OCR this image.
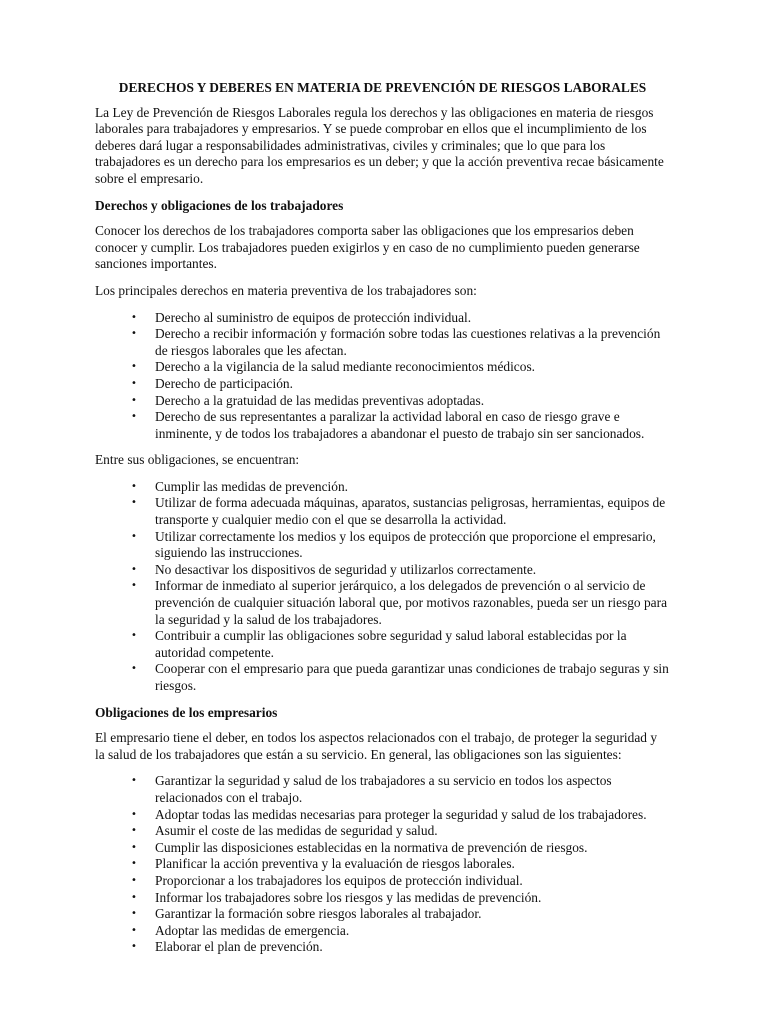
DERECHOS Y DEBERES EN MATERIA DE PREVENCIÓN DE RIESGOS LABORALES

La Ley de Prevención de Riesgos Laborales regula los derechos y las obligaciones en materia de riesgos laborales para trabajadores y empresarios. Y se puede comprobar en ellos que el incumplimiento de los deberes dará lugar a responsabilidades administrativas, civiles y criminales; que lo que para los trabajadores es un derecho para los empresarios es un deber; y que la acción preventiva recae básicamente sobre el empresario.

Derechos y obligaciones de los trabajadores

Conocer los derechos de los trabajadores comporta saber las obligaciones que los empresarios deben conocer y cumplir. Los trabajadores pueden exigirlos y en caso de no cumplimiento pueden generarse sanciones importantes.

Los principales derechos en materia preventiva de los trabajadores son:

• Derecho al suministro de equipos de protección individual.
• Derecho a recibir información y formación sobre todas las cuestiones relativas a la prevención de riesgos laborales que les afectan.
• Derecho a la vigilancia de la salud mediante reconocimientos médicos.
• Derecho de participación.
• Derecho a la gratuidad de las medidas preventivas adoptadas.
• Derecho de sus representantes a paralizar la actividad laboral en caso de riesgo grave e inminente, y de todos los trabajadores a abandonar el puesto de trabajo sin ser sancionados.

Entre sus obligaciones, se encuentran:

• Cumplir las medidas de prevención.
• Utilizar de forma adecuada máquinas, aparatos, sustancias peligrosas, herramientas, equipos de transporte y cualquier medio con el que se desarrolla la actividad.
• Utilizar correctamente los medios y los equipos de protección que proporcione el empresario, siguiendo las instrucciones.
• No desactivar los dispositivos de seguridad y utilizarlos correctamente.
• Informar de inmediato al superior jerárquico, a los delegados de prevención o al servicio de prevención de cualquier situación laboral que, por motivos razonables, pueda ser un riesgo para la seguridad y la salud de los trabajadores.
• Contribuir a cumplir las obligaciones sobre seguridad y salud laboral establecidas por la autoridad competente.
• Cooperar con el empresario para que pueda garantizar unas condiciones de trabajo seguras y sin riesgos.
Obligaciones de los empresarios

El empresario tiene el deber, en todos los aspectos relacionados con el trabajo, de proteger la seguridad y la salud de los trabajadores que están a su servicio. En general, las obligaciones son las siguientes:

• Garantizar la seguridad y salud de los trabajadores a su servicio en todos los aspectos relacionados con el trabajo.
• Adoptar todas las medidas necesarias para proteger la seguridad y salud de los trabajadores.
• Asumir el coste de las medidas de seguridad y salud.
• Cumplir las disposiciones establecidas en la normativa de prevención de riesgos.
• Planificar la acción preventiva y la evaluación de riesgos laborales.
• Proporcionar a los trabajadores los equipos de protección individual.
• Informar los trabajadores sobre los riesgos y las medidas de prevención.
• Garantizar la formación sobre riesgos laborales al trabajador.
• Adoptar las medidas de emergencia.
• Elaborar el plan de prevención.
